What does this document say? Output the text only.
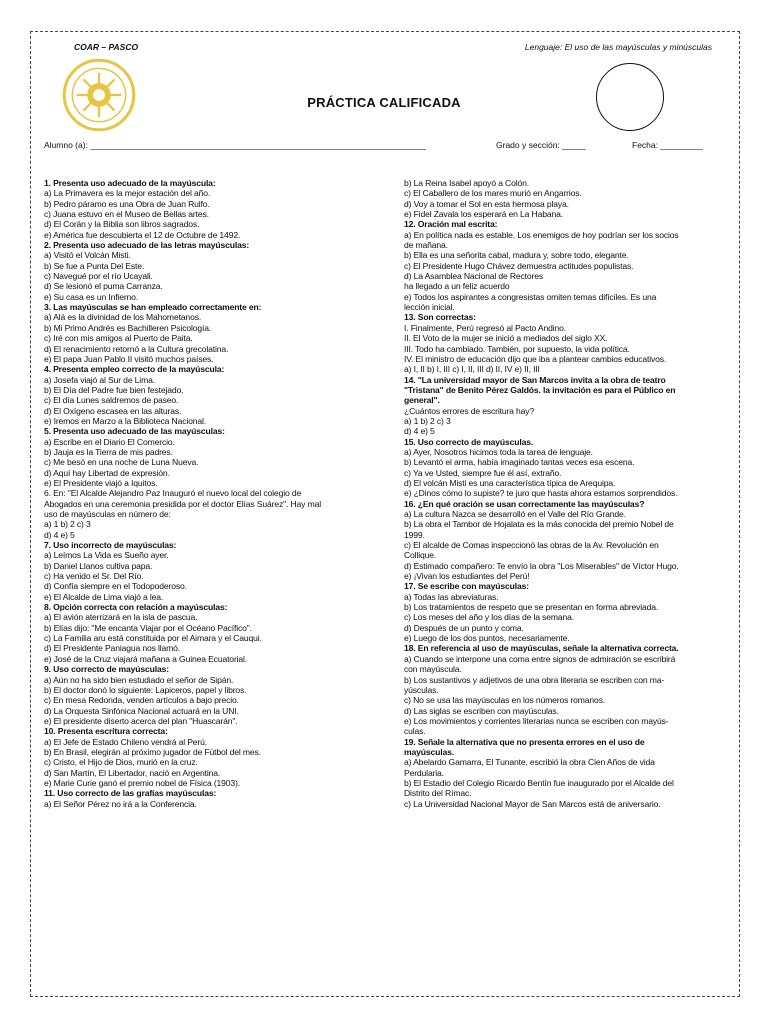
COAR – PASCO	Lenguaje: El uso de las mayúsculas y minúsculas
PRÁCTICA CALIFICADA
Alumno (a): _______________________________________________________________________	Grado y sección: _____	Fecha: _________
1. Presenta uso adecuado de la mayúscula:
a) La Primavera es la mejor estación del año.
b) Pedro páramo es una Obra de Juan Rulfo.
c) Juana estuvo en el Museo de Bellas artes.
d) El Corán y la Biblia son libros sagrados.
e) América fue descubierta el 12 de Octubre de 1492.
2. Presenta uso adecuado de las letras mayúsculas:
a) Visitó el Volcán Misti.
b) Se fue a Punta Del Este.
c) Navegué por el río Ucayali.
d) Se lesionó el puma Carranza.
e) Su casa es un Infierno.
3. Las mayúsculas se han empleado correctamente en:
a) Alá es la divinidad de los Mahometanos.
b) Mi Primo Andrés es Bachilleren Psicología.
c) Iré con mis amigos al Puerto de Paita.
d) El renacimiento retornó a la Cultura grecolatina.
e) El papa Juan Pablo II visitó muchos países.
4. Presenta empleo correcto de la mayúscula:
a) Josefa viajó al Sur de Lima.
b) El Día del Padre fue bien festejado.
c) El día Lunes saldremos de paseo.
d) El Oxígeno escasea en las alturas.
e) Iremos en Marzo a la Biblioteca Nacional.
5. Presenta uso adecuado de las mayúsculas:
a) Escribe en el Diario El Comercio.
b) Jauja es la Tierra de mis padres.
c) Me besó en una noche de Luna Nueva.
d) Aquí hay Libertad de expresión.
e) El Presidente viajó a Iquitos.
6. En: "El Alcalde Alejandro Paz Inauguró el nuevo local del colegio de
Abogados en una ceremonia presidida por el doctor Elías Suárez". Hay mal
uso de mayúsculas en número de:
a) 1 b) 2 c) 3
d) 4 e) 5
7. Uso incorrecto de mayúsculas:
a) Leímos La Vida es Sueño ayer.
b) Daniel Llanos cultiva papa.
c) Ha venido el Sr. Del Río.
d) Confía siempre en el Todopoderoso.
e) El Alcalde de Lima viajó a lea.
8. Opción correcta con relación a mayúsculas:
a) El avión aterrizará en la isla de pascua.
b) Elías dijo: "Me encanta Viajar por el Océano Pacífico".
c) La Familia aru está constituida por el Aimara y el Cauqui.
d) El Presidente Paniagua nos llamó.
e) José de la Cruz viajará mañana a Guinea Ecuatorial.
9. Uso correcto de mayúsculas:
a) Aún no ha sido bien estudiado el señor de Sipán.
b) El doctor donó lo siguiente: Lapiceros, papel y libros.
c) En mesa Redonda, venden artículos a bajo precio.
d) La Orquesta Sinfónica Nacional actuará en la UNI.
e) El presidente diserto acerca del plan "Huascarán".
10. Presenta escritura correcta:
a) El Jefe de Estado Chileno vendrá al Perú.
b) En Brasil, elegirán al próximo jugador de Fútbol del mes.
c) Cristo, el Hijo de Dios, murió en la cruz.
d) San Martín, El Libertador, nació en Argentina.
e) Marie Curie ganó el premio nobel de Física (1903).
11. Uso correcto de las grafías mayúsculas:
a) El Señor Pérez no irá a la Conferencia.
b) La Reina Isabel apoyó a Colón.
c) El Caballero de los mares murió en Angarrios.
d) Voy a tomar el Sol en esta hermosa playa.
e) Fidel Zavala los esperará en La Habana.
12. Oración mal escrita:
a) En política nada es estable. Los enemigos de hoy podrían ser los socios
de mañana.
b) Ella es una señorita cabal, madura y, sobre todo, elegante.
c) El Presidente Hugo Chávez demuestra actitudes populistas.
d) La Asamblea Nacional de Rectores
ha llegado a un feliz acuerdo
e) Todos los aspirantes a congresistas omiten temas difíciles. Es una
lección inicial.
13. Son correctas:
I. Finalmente, Perú regresó al Pacto Andino.
II. El Voto de la mujer se inició a mediados del siglo XX.
III. Todo ha cambiado. También, por supuesto, la vida política.
IV. El ministro de educación dijo que iba a plantear cambios educativos.
a) I, II b) I, III c) I, II, III d) II, IV e) II, III
14. "La universidad mayor de San Marcos invita a la obra de teatro
"Tristana" de Benito Pérez Galdós. la invitación es para el Público en
general".
¿Cuántos errores de escritura hay?
a) 1 b) 2 c) 3
d) 4 e) 5
15. Uso correcto de mayúsculas.
a) Ayer, Nosotros hicimos toda la tarea de lenguaje.
b) Levantó el arma, había imaginado tantas veces esa escena.
c) Ya ve Usted, siempre fue él así, extraño.
d) El volcán Misti es una característica típica de Arequipa.
e) ¿Dinos cómo lo supiste? te juro que hasta ahora estamos sorprendidos.
16. ¿En qué oración se usan correctamente las mayúsculas?
a) La cultura Nazca se desarrolló en el Valle del Río Grande.
b) La obra el Tambor de Hojalata es la más conocida del premio Nobel de
1999.
c) El alcalde de Comas inspeccionó las obras de la Av. Revolución en
Collique.
d) Estimado compañero: Te envío la obra "Los Miserables" de Víctor Hugo.
e) ¡Vivan los estudiantes del Perú!
17. Se escribe con mayúsculas:
a) Todas las abreviaturas.
b) Los tratamientos de respeto que se presentan en forma abreviada.
c) Los meses del año y los días de la semana.
d) Después de un punto y coma.
e) Luego de los dos puntos, necesariamente.
18. En referencia al uso de mayúsculas, señale la alternativa correcta.
a) Cuando se interpone una coma entre signos de admiración se escribirá
con mayúscula.
b) Los sustantivos y adjetivos de una obra literaria se escriben con ma-
yúsculas.
c) No se usa las mayúsculas en los números romanos.
d) Las siglas se escriben con mayúsculas.
e) Los movimientos y corrientes literarias nunca se escriben con mayús-
culas.
19. Señale la alternativa que no presenta errores en el uso de
mayúsculas.
a) Abelardo Gamarra, El Tunante, escribió la obra Cien Años de vida
Perdularia.
b) El Estadio del Colegio Ricardo Bentín fue inaugurado por el Alcalde del
Distrito del Rímac.
c) La Universidad Nacional Mayor de San Marcos está de aniversario.
